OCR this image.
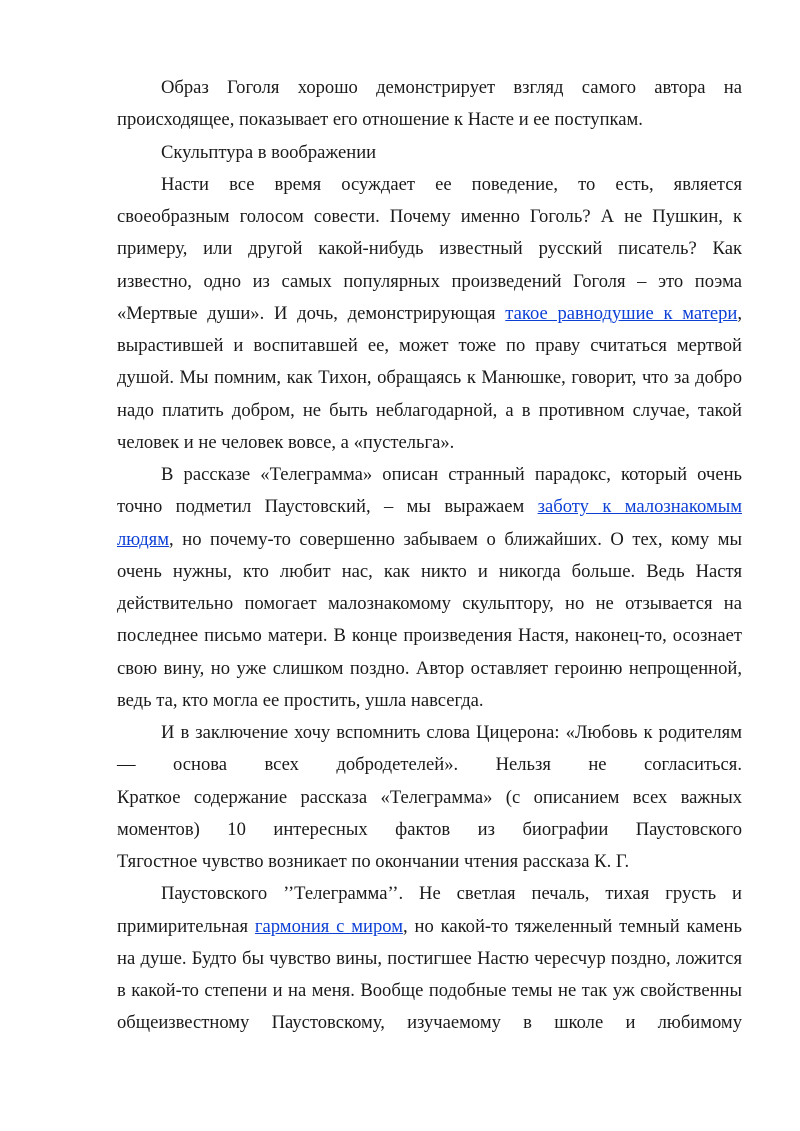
Образ Гоголя хорошо демонстрирует взгляд самого автора на
происходящее, показывает его отношение к Насте и ее поступкам.
Скульптура в воображении
Насти все время осуждает ее поведение, то есть, является
своеобразным голосом совести. Почему именно Гоголь? А не Пушкин, к
примеру, или другой какой-нибудь известный русский писатель? Как
известно, одно из самых популярных произведений Гоголя – это поэма
«Мертвые души». И дочь, демонстрирующая такое равнодушие к матери,
вырастившей и воспитавшей ее, может тоже по праву считаться мертвой
душой. Мы помним, как Тихон, обращаясь к Манюшке, говорит, что за добро
надо платить добром, не быть неблагодарной, а в противном случае, такой
человек и не человек вовсе, а «пустельга».
В рассказе «Телеграмма» описан странный парадокс, который очень
точно подметил Паустовский, – мы выражаем заботу к малознакомым
людям, но почему-то совершенно забываем о ближайших. О тех, кому мы
очень нужны, кто любит нас, как никто и никогда больше. Ведь Настя
действительно помогает малознакомому скульптору, но не отзывается на
последнее письмо матери. В конце произведения Настя, наконец-то, осознает
свою вину, но уже слишком поздно. Автор оставляет героиню непрощенной,
ведь та, кто могла ее простить, ушла навсегда.
И в заключение хочу вспомнить слова Цицерона: «Любовь к родителям
— основа всех добродетелей». Нельзя не согласиться.
Краткое содержание рассказа «Телеграмма» (с описанием всех важных
моментов) 10 интересных фактов из биографии Паустовского
Тягостное чувство возникает по окончании чтения рассказа К. Г.
Паустовского ’’Телеграмма’’. Не светлая печаль, тихая грусть и
примирительная гармония с миром, но какой-то тяжеленный темный камень
на душе. Будто бы чувство вины, постигшее Настю чересчур поздно, ложится
в какой-то степени и на меня. Вообще подобные темы не так уж свойственны
общеизвестному Паустовскому, изучаемому в школе и любимому
